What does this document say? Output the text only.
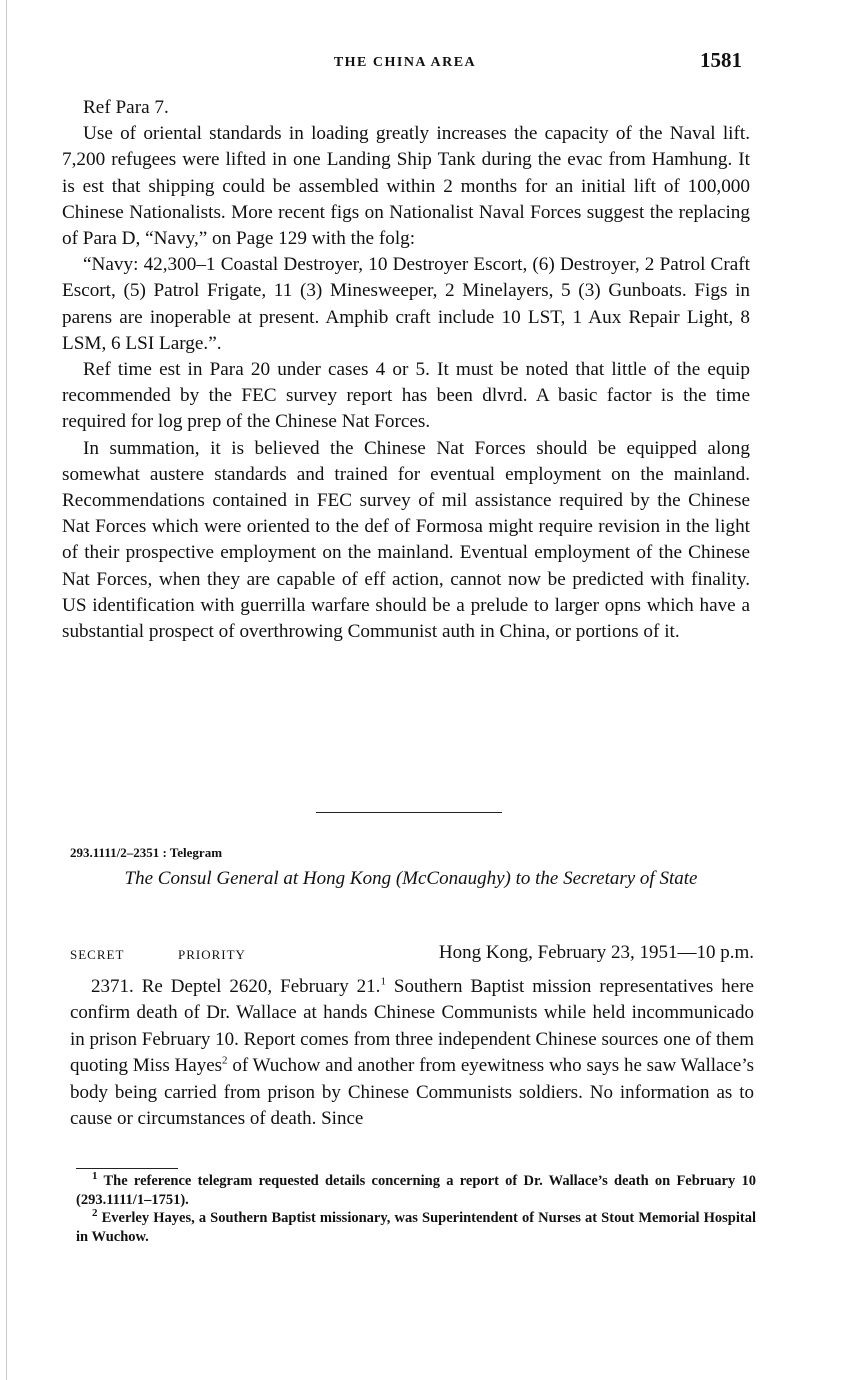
THE CHINA AREA	1581

Ref Para 7.

Use of oriental standards in loading greatly increases the capacity of the Naval lift. 7,200 refugees were lifted in one Landing Ship Tank during the evac from Hamhung. It is est that shipping could be assembled within 2 months for an initial lift of 100,000 Chinese Nationalists. More recent figs on Nationalist Naval Forces suggest the replacing of Para D, “Navy,” on Page 129 with the folg:

“Navy: 42,300–1 Coastal Destroyer, 10 Destroyer Escort, (6) Destroyer, 2 Patrol Craft Escort, (5) Patrol Frigate, 11 (3) Minesweeper, 2 Minelayers, 5 (3) Gunboats. Figs in parens are inoperable at present. Amphib craft include 10 LST, 1 Aux Repair Light, 8 LSM, 6 LSI Large.”.

Ref time est in Para 20 under cases 4 or 5. It must be noted that little of the equip recommended by the FEC survey report has been dlvrd. A basic factor is the time required for log prep of the Chinese Nat Forces.

In summation, it is believed the Chinese Nat Forces should be equipped along somewhat austere standards and trained for eventual employment on the mainland. Recommendations contained in FEC survey of mil assistance required by the Chinese Nat Forces which were oriented to the def of Formosa might require revision in the light of their prospective employment on the mainland. Eventual employment of the Chinese Nat Forces, when they are capable of eff action, cannot now be predicted with finality. US identification with guerrilla warfare should be a prelude to larger opns which have a substantial prospect of overthrowing Communist auth in China, or portions of it.

293.1111/2–2351 : Telegram
The Consul General at Hong Kong (McConaughy) to the Secretary of State
SECRET	PRIORITY	Hong Kong, February 23, 1951—10 p.m.

2371. Re Deptel 2620, February 21.$^1$ Southern Baptist mission representatives here confirm death of Dr. Wallace at hands Chinese Communists while held incommunicado in prison February 10. Report comes from three independent Chinese sources one of them quoting Miss Hayes$^2$ of Wuchow and another from eyewitness who says he saw Wallace’s body being carried from prison by Chinese Communists soldiers. No information as to cause or circumstances of death. Since

$^1$ The reference telegram requested details concerning a report of Dr. Wallace’s death on February 10 (293.1111/1–1751).

$^2$ Everley Hayes, a Southern Baptist missionary, was Superintendent of Nurses at Stout Memorial Hospital in Wuchow.
